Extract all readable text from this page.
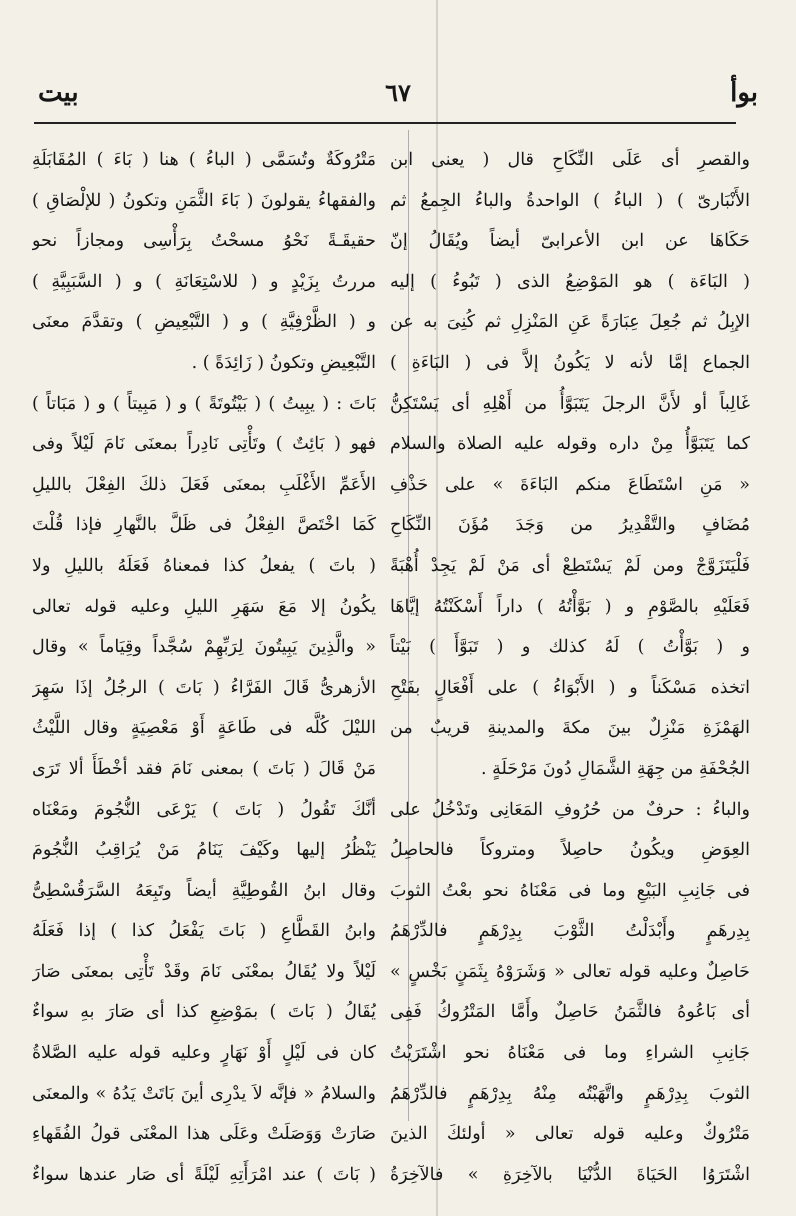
بوأ
٦٧
بيت
والقصرِ أى عَلَى النِّكَاحِ قال ( يعنى ابن
الأَنْبَارىّ ) ( الباءُ ) الواحدةُ والباءُ الجِمعُ ثم
حَكَاهَا عن ابن الأعرابىّ أيضاً ويُقَالُ إنّ
( البَاءَة ) هو المَوْضِعُ الذى ( تَبُوءُ ) إليه
الإبِلُ ثم جُعِلَ عِبَارَةً عَنِ المَنْزِلِ ثم كُنِىَ به عن
الجماع إمَّا لأنه لا يَكُونُ إلاَّ فى ( البَاءَةِ )
غَالِباً أو لأَنَّ الرجلَ يَتَبَوَّأُ من أَهْلِهِ أى يَسْتَكِنُّ
كما يَتَبَوَّأُ مِنْ داره وقوله عليه الصلاة والسلام
« مَنِ اسْتَطَاعَ منكم البَاءَةَ » على حَذْفِ
مُضَافٍ والتَّقْدِيرُ من وَجَدَ مُؤَنَ النِّكَاحِ
فَلْيَتَزَوَّجْ ومن لَمْ يَسْتَطِعْ أى مَنْ لَمْ يَجِدْ أُهْبَةً
فَعَلَيْهِ بالصَّوْمِ و ( بَوَّأْتُهُ ) داراً أَسْكَنْتُهُ إيَّاهَا
و ( بَوَّأْتُ ) لَهُ كذلك و ( تَبَوَّأَ ) بَيْتاً
اتخذه مَسْكَناً و ( الأَبْوَاءُ ) على أَفْعَالٍ بفَتْحِ
الهَمْزَةِ مَنْزِلٌ بينَ مكةَ والمدينةِ قريبٌ من
الجُحْفَةِ من جِهَةِ الشَّمَالِ دُونَ مَرْحَلَةٍ .
والباءُ : حرفٌ من حُرُوفِ المَعَانِى وتَدْخُلُ على
العِوَضِ ويكُونُ حاصِلاً ومتروكاً فالحاصِلُ
فى جَانِبِ البَيْعِ وما فى مَعْنَاهُ نحو بعْتُ الثوبَ
بِدِرهَمٍ وأَبْدَلْتُ الثَّوْبَ بِدِرْهَمٍ فالدِّرْهَمُ
حَاصِلٌ وعليه قوله تعالى « وَشَرَوْهُ بِثَمَنٍ بَخْسٍ »
أى بَاعُوهُ فالثَّمَنُ حَاصِلٌ وأَمَّا المَتْرُوكُ فَفِى
جَانِبِ الشراءِ وما فى مَعْنَاهُ نحو اشْتَرَيْتُ
الثوبَ بِدِرْهَمٍ واتَّهَبْتُه مِنْهُ بِدِرْهَمٍ فالدِّرْهَمُ
مَتْرُوكٌ وعليه قوله تعالى « أولئكَ الذينَ
اشْتَرَوُا الحَيَاةَ الدُّنْيَا بالآخِرَةِ » فالآخِرَةُ
مَتْرُوكَةٌ وتُسَمَّى ( الباءُ ) هنا ( بَاءَ ) المُقَابَلَةِ
والفقهاءُ يقولونَ ( بَاءَ الثَّمَنِ وتكونُ ( للإلْصَاقِ )
حقيقَـةً نَحْوُ مسحْتُ بِرَأْسِى ومجازاً نحو
مررتُ بِزَيْدٍ و ( للاسْتِعَانَةِ ) و ( السَّبَبِيَّةِ )
و ( الظَّرْفِيَّةِ ) و ( التَّبْعِيضِ ) وتقدَّمَ معنَى
التَّبْعِيضِ وتكونُ ( زَائِدَةً ) .
بَاتَ : ( يبِيتُ ) ( بَيْتُوتَةً ) و ( مَبِيتاً ) و ( مَبَاتاً )
فهو ( بَائِتٌ ) وتَأْتِى نَادِراً بمعنَى نَامَ لَيْلاً وفى
الأَعَمِّ الأَغْلَبِ بمعنَى فَعَلَ ذلكَ الفِعْلَ بالليلِ
كَمَا اخْتَصَّ الفِعْلُ فى ظَلَّ بالنَّهارِ فإذا قُلْتَ
( باتَ ) يفعلُ كذا فمعناهُ فَعَلَهُ بالليلِ ولا
يكُونُ إلا مَعَ سَهَرِ الليلِ وعليه قوله تعالى
« والَّذِينَ يَبِيتُونَ لِرَبِّهِمْ سُجَّداً وقِيَاماً » وقال
الأزهرىُّ قَالَ الفَرَّاءُ ( بَاتَ ) الرجُلُ إذَا سَهِرَ
الليْلَ كُلَّه فى طَاعَةٍ أَوْ مَعْصِيَةٍ وقال اللَّيْثُ
مَنْ قَالَ ( بَاتَ ) بمعنى نَامَ فقد أخْطَأَ ألا تَرَى
أنَّكَ تَقُولُ ( بَاتَ ) يَرْعَى النُّجُومَ ومَعْنَاه
يَنْظُرُ إليها وكَيْفَ يَنَامُ مَنْ يُرَاقِبُ النُّجُومَ
وقال ابنُ القُوطِيَّةِ أيضاً وتَبِعَهُ السَّرَقُسْطِىُّ
وابنُ القَطَّاعِ ( بَاتَ يَفْعَلُ كذا ) إذا فَعَلَهُ
لَيْلاً ولا يُقَالُ بمعْنَى نَامَ وقَدْ تَأْتِى بمعنَى صَارَ
يُقَالُ ( بَاتَ ) بمَوْضِعِ كذا أى صَارَ بهِ سواءٌ
كان فى لَيْلٍ أَوْ نَهَارٍ وعليه قوله عليه الصَّلاةُ
والسلامُ « فإنَّه لاَ يدْرِى أينَ بَاتَتْ يَدُهُ » والمعنَى
صَارَتْ وَوَصَلَتْ وعَلَى هذا المعْنَى قولُ الفُقَهاءِ
( بَاتَ ) عند امْرَأَتِهِ لَيْلَةً أى صَار عندها سواءٌ
